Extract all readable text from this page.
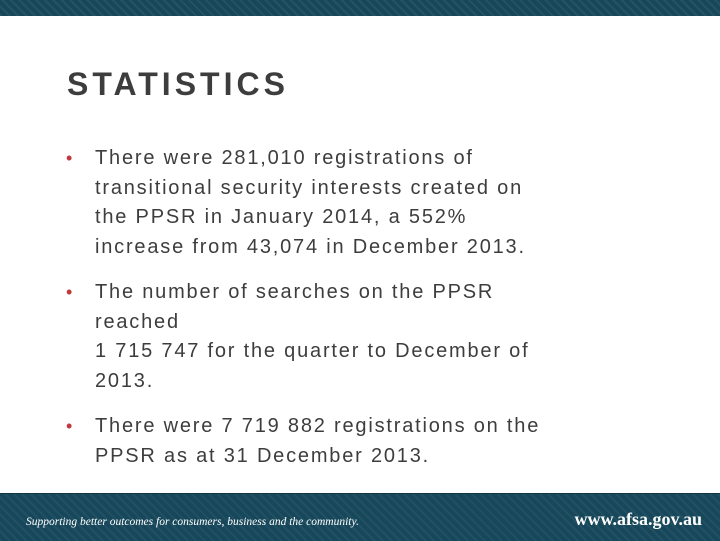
STATISTICS
• There were 281,010 registrations of
transitional security interests created on
the PPSR in January 2014, a 552%
increase from 43,074 in December 2013.
• The number of searches on the PPSR
reached
1 715 747 for the quarter to December of
2013.
• There were 7 719 882 registrations on the
PPSR as at 31 December 2013.
Supporting better outcomes for consumers, business and the community.	www.afsa.gov.au
